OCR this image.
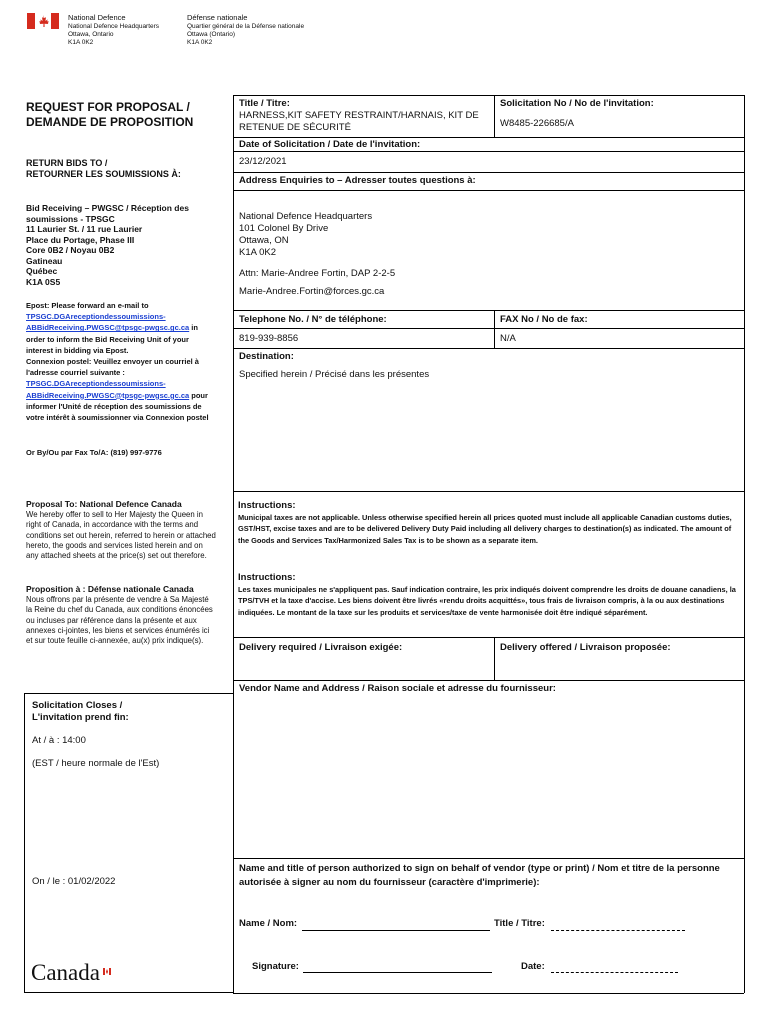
National Defence
National Defence Headquarters
Ottawa, Ontario
K1A 0K2
Défense nationale
Quartier général de la Défense nationale
Ottawa (Ontario)
K1A 0K2
REQUEST FOR PROPOSAL /
DEMANDE DE PROPOSITION
RETURN BIDS TO /
RETOURNER LES SOUMISSIONS À:
Bid Receiving – PWGSC / Réception des
soumissions - TPSGC
11 Laurier St. / 11 rue Laurier
Place du Portage, Phase III
Core 0B2 / Noyau 0B2
Gatineau
Québec
K1A 0S5
Epost: Please forward an e-mail to
TPSGC.DGAreceptiondessoumissions-
ABBidReceiving.PWGSC@tpsgc-pwgsc.gc.ca in
order to inform the Bid Receiving Unit of your interest in bidding via Epost.
Connexion postel: Veuillez envoyer un courriel à l'adresse courriel suivante :
TPSGC.DGAreceptiondessoumissions-
ABBidReceiving.PWGSC@tpsgc-pwgsc.gc.ca pour
informer l'Unité de réception des soumissions de votre intérêt à soumissionner via Connexion postel
Or By/Ou par Fax To/A: (819) 997-9776
Proposal To: National Defence Canada
We hereby offer to sell to Her Majesty the Queen in right of Canada, in accordance with the terms and conditions set out herein, referred to herein or attached hereto, the goods and services listed herein and on any attached sheets at the price(s) set out therefore.
Proposition à : Défense nationale Canada
Nous offrons par la présente de vendre à Sa Majesté la Reine du chef du Canada, aux conditions énoncées ou incluses par référence dans la présente et aux annexes ci-jointes, les biens et services énumérés ici et sur toute feuille ci-annexée, au(x) prix indique(s).
Solicitation Closes /
L'invitation prend fin:
At / à : 14:00
(EST / heure normale de l'Est)
On / le : 01/02/2022
Canada
Title / Titre:
HARNESS,KIT SAFETY RESTRAINT/HARNAIS, KIT DE RETENUE DE SÉCURITÉ
Solicitation No / No de l'invitation:
W8485-226685/A
Date of Solicitation / Date de l'invitation:
23/12/2021
Address Enquiries to – Adresser toutes questions à:
National Defence Headquarters
101 Colonel By Drive
Ottawa, ON
K1A 0K2
Attn: Marie-Andree Fortin, DAP 2-2-5
Marie-Andree.Fortin@forces.gc.ca
Telephone No. / N° de téléphone:	FAX No / No de fax:
819-939-8856	N/A
Destination:
Specified herein / Précisé dans les présentes
Instructions:
Municipal taxes are not applicable. Unless otherwise specified herein all prices quoted must include all applicable Canadian customs duties, GST/HST, excise taxes and are to be delivered Delivery Duty Paid including all delivery charges to destination(s) as indicated. The amount of the Goods and Services Tax/Harmonized Sales Tax is to be shown as a separate item.
Instructions:
Les taxes municipales ne s'appliquent pas. Sauf indication contraire, les prix indiqués doivent comprendre les droits de douane canadiens, la TPS/TVH et la taxe d'accise. Les biens doivent être livrés «rendu droits acquittés», tous frais de livraison compris, à la ou aux destinations indiquées. Le montant de la taxe sur les produits et services/taxe de vente harmonisée doit être indiqué séparément.
Delivery required / Livraison exigée:	Delivery offered / Livraison proposée:
Vendor Name and Address / Raison sociale et adresse du fournisseur:
Name and title of person authorized to sign on behalf of vendor (type or print) / Nom et titre de la personne autorisée à signer au nom du fournisseur (caractère d'imprimerie):
Name / Nom:	Title / Titre:
Signature:	Date:
